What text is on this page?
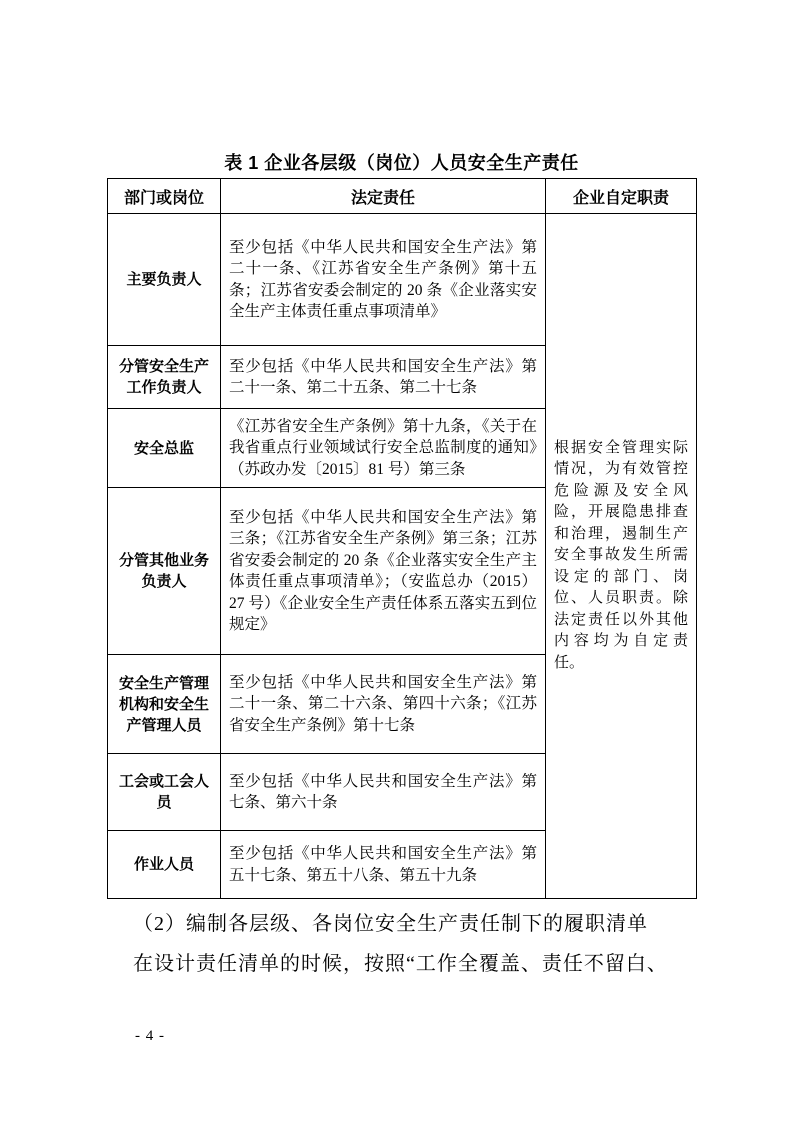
表 1 企业各层级（岗位）人员安全生产责任
部门或岗位	法定责任	企业自定职责
主要负责人	至少包括《中华人民共和国安全生产法》第二十一条、《江苏省安全生产条例》第十五条；江苏省安委会制定的 20 条《企业落实安全生产主体责任重点事项清单》	根据安全管理实际情况，为有效管控危险源及安全风险，开展隐患排查和治理，遏制生产安全事故发生所需设定的部门、岗位、人员职责。除法定责任以外其他内容均为自定责任。
分管安全生产工作负责人	至少包括《中华人民共和国安全生产法》第二十一条、第二十五条、第二十七条	
安全总监	《江苏省安全生产条例》第十九条，《关于在我省重点行业领域试行安全总监制度的通知》（苏政办发〔2015〕81 号）第三条	
分管其他业务负责人	至少包括《中华人民共和国安全生产法》第三条；《江苏省安全生产条例》第三条；江苏省安委会制定的 20 条《企业落实安全生产主体责任重点事项清单》；（安监总办（2015）27 号）《企业安全生产责任体系五落实五到位规定》	
安全生产管理机构和安全生产管理人员	至少包括《中华人民共和国安全生产法》第二十一条、第二十六条、第四十六条；《江苏省安全生产条例》第十七条	
工会或工会人员	至少包括《中华人民共和国安全生产法》第七条、第六十条	
作业人员	至少包括《中华人民共和国安全生产法》第五十七条、第五十八条、第五十九条	
（2）编制各层级、各岗位安全生产责任制下的履职清单
在设计责任清单的时候，按照“工作全覆盖、责任不留白、
- 4 -
